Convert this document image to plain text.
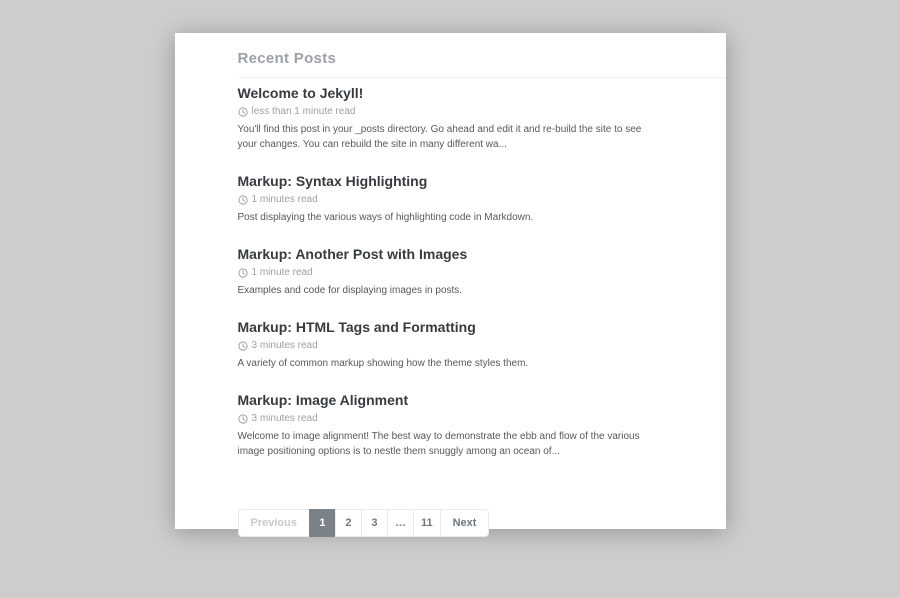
Recent Posts
Welcome to Jekyll!
less than 1 minute read

You'll find this post in your _posts directory. Go ahead and edit it and re-build the site to see your changes. You can rebuild the site in many different wa...

Markup: Syntax Highlighting
1 minutes read

Post displaying the various ways of highlighting code in Markdown.

Markup: Another Post with Images
1 minute read

Examples and code for displaying images in posts.

Markup: HTML Tags and Formatting
3 minutes read

A variety of common markup showing how the theme styles them.

Markup: Image Alignment
3 minutes read

Welcome to image alignment! The best way to demonstrate the ebb and flow of the various image positioning options is to nestle them snuggly among an ocean of...

Previous	1	2	3	…	11	Next
